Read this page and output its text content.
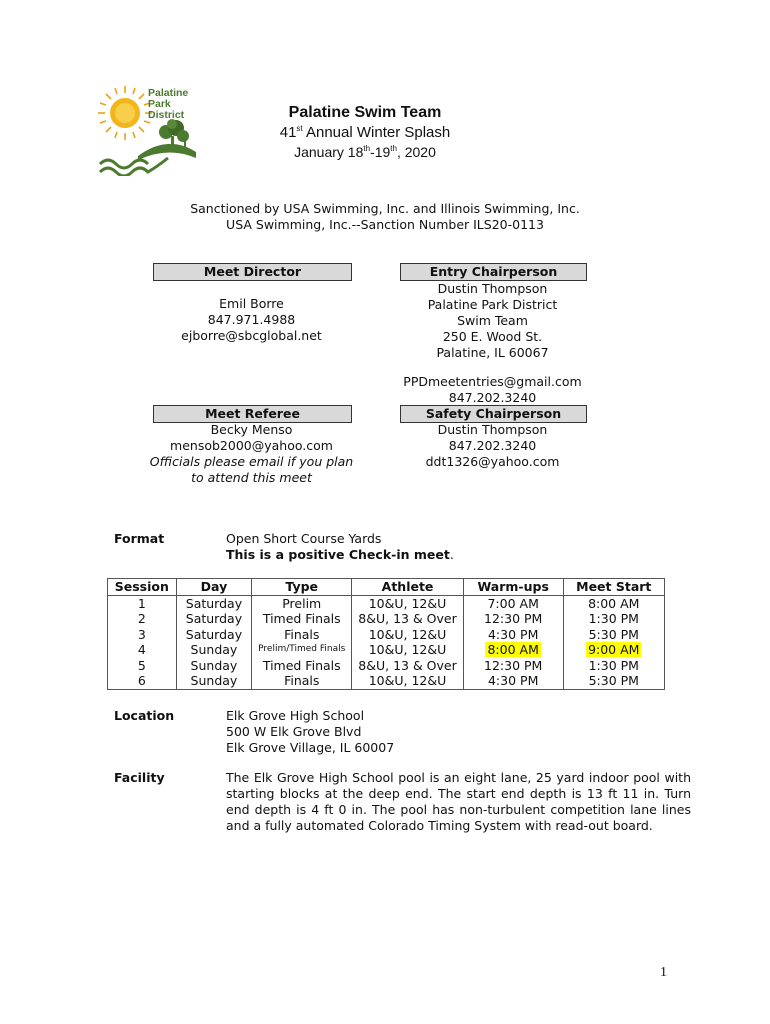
Palatine
Park
District	Palatine Swim Team
41st Annual Winter Splash
January 18th-19th, 2020
Sanctioned by USA Swimming, Inc. and Illinois Swimming, Inc.
USA Swimming, Inc.--Sanction Number ILS20-0113
Meet Director
Emil Borre
847.971.4988
ejborre@sbcglobal.net
Entry Chairperson
Dustin Thompson
Palatine Park District
Swim Team
250 E. Wood St.
Palatine, IL 60067
PPDmeetentries@gmail.com
847.202.3240
Meet Referee
Becky Menso
mensob2000@yahoo.com
Officials please email if you plan
to attend this meet
Safety Chairperson
Dustin Thompson
847.202.3240
ddt1326@yahoo.com
Format	Open Short Course Yards
This is a positive Check-in meet.
Session	Day	Type	Athlete	Warm-ups	Meet Start
1	Saturday	Prelim	10&U, 12&U	7:00 AM	8:00 AM
2	Saturday	Timed Finals	8&U, 13 & Over	12:30 PM	1:30 PM
3	Saturday	Finals	10&U, 12&U	4:30 PM	5:30 PM
4	Sunday	Prelim/Timed Finals	10&U, 12&U	8:00 AM	9:00 AM
5	Sunday	Timed Finals	8&U, 13 & Over	12:30 PM	1:30 PM
6	Sunday	Finals	10&U, 12&U	4:30 PM	5:30 PM
Location	Elk Grove High School
500 W Elk Grove Blvd
Elk Grove Village, IL 60007
Facility	The Elk Grove High School pool is an eight lane, 25 yard indoor pool with starting blocks at the deep end. The start end depth is 13 ft 11 in. Turn end depth is 4 ft 0 in. The pool has non-turbulent competition lane lines and a fully automated Colorado Timing System with read-out board.
1
